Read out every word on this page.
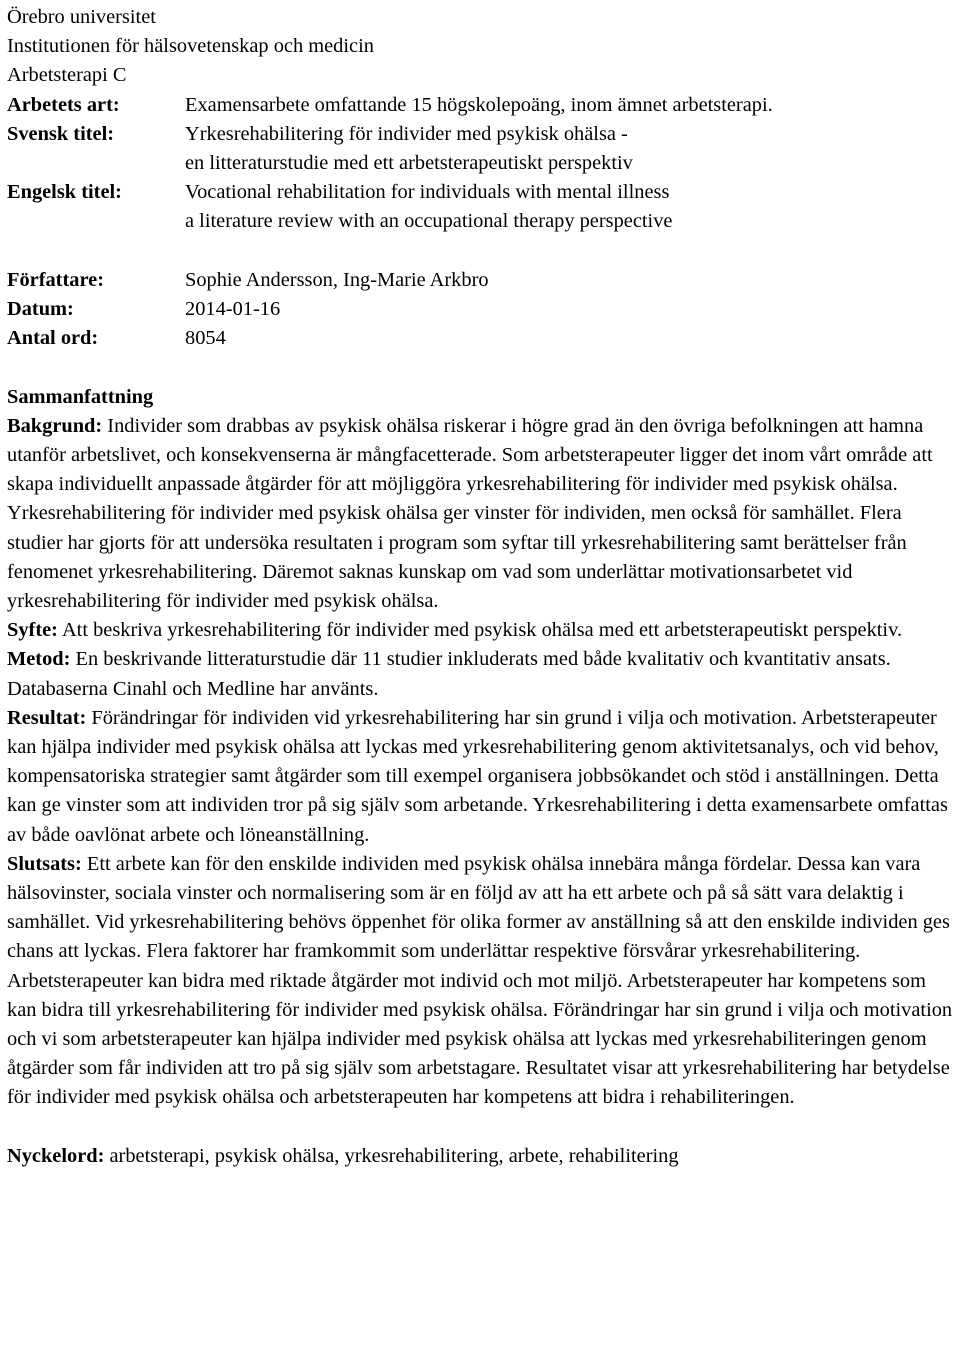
Örebro universitet
Institutionen för hälsovetenskap och medicin
Arbetsterapi C
Arbetets art:	Examensarbete omfattande 15 högskolepoäng, inom ämnet arbetsterapi.
Svensk titel:	Yrkesrehabilitering för individer med psykisk ohälsa -
en litteraturstudie med ett arbetsterapeutiskt perspektiv
Engelsk titel:	Vocational rehabilitation for individuals with mental illness
a literature review with an occupational therapy perspective
Författare:	Sophie Andersson, Ing-Marie Arkbro
Datum:	2014-01-16
Antal ord:	8054
Sammanfattning

Bakgrund: Individer som drabbas av psykisk ohälsa riskerar i högre grad än den övriga befolkningen att hamna utanför arbetslivet, och konsekvenserna är mångfacetterade. Som arbetsterapeuter ligger det inom vårt område att skapa individuellt anpassade åtgärder för att möjliggöra yrkesrehabilitering för individer med psykisk ohälsa. Yrkesrehabilitering för individer med psykisk ohälsa ger vinster för individen, men också för samhället. Flera studier har gjorts för att undersöka resultaten i program som syftar till yrkesrehabilitering samt berättelser från fenomenet yrkesrehabilitering. Däremot saknas kunskap om vad som underlättar motivationsarbetet vid yrkesrehabilitering för individer med psykisk ohälsa.

Syfte: Att beskriva yrkesrehabilitering för individer med psykisk ohälsa med ett arbetsterapeutiskt perspektiv.

Metod: En beskrivande litteraturstudie där 11 studier inkluderats med både kvalitativ och kvantitativ ansats. Databaserna Cinahl och Medline har använts.

Resultat: Förändringar för individen vid yrkesrehabilitering har sin grund i vilja och motivation. Arbetsterapeuter kan hjälpa individer med psykisk ohälsa att lyckas med yrkesrehabilitering genom aktivitetsanalys, och vid behov, kompensatoriska strategier samt åtgärder som till exempel organisera jobbsökandet och stöd i anställningen. Detta kan ge vinster som att individen tror på sig själv som arbetande. Yrkesrehabilitering i detta examensarbete omfattas av både oavlönat arbete och löneanställning.

Slutsats: Ett arbete kan för den enskilde individen med psykisk ohälsa innebära många fördelar. Dessa kan vara hälsovinster, sociala vinster och normalisering som är en följd av att ha ett arbete och på så sätt vara delaktig i samhället. Vid yrkesrehabilitering behövs öppenhet för olika former av anställning så att den enskilde individen ges chans att lyckas. Flera faktorer har framkommit som underlättar respektive försvårar yrkesrehabilitering. Arbetsterapeuter kan bidra med riktade åtgärder mot individ och mot miljö. Arbetsterapeuter har kompetens som kan bidra till yrkesrehabilitering för individer med psykisk ohälsa. Förändringar har sin grund i vilja och motivation och vi som arbetsterapeuter kan hjälpa individer med psykisk ohälsa att lyckas med yrkesrehabiliteringen genom åtgärder som får individen att tro på sig själv som arbetstagare. Resultatet visar att yrkesrehabilitering har betydelse för individer med psykisk ohälsa och arbetsterapeuten har kompetens att bidra i rehabiliteringen.

Nyckelord: arbetsterapi, psykisk ohälsa, yrkesrehabilitering, arbete, rehabilitering
